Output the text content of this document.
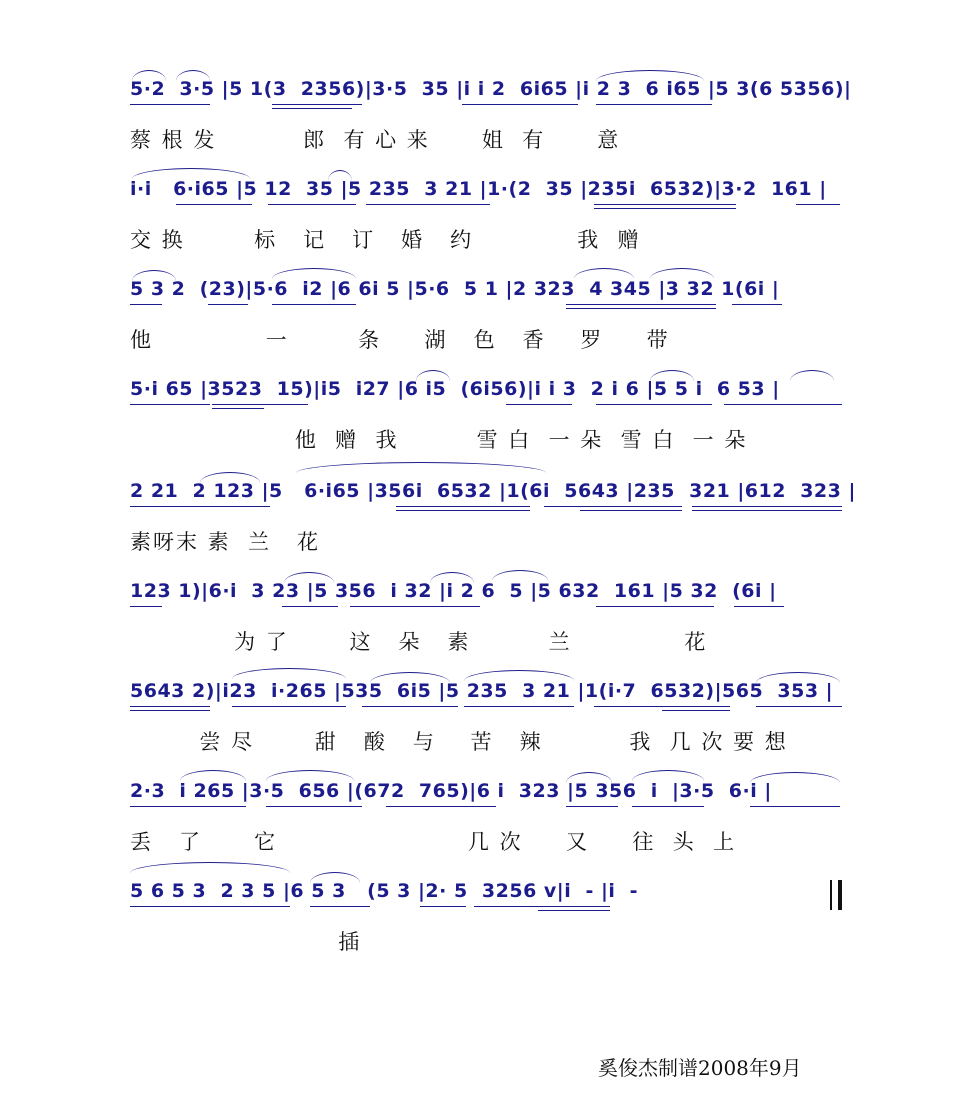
5·2  3·5 |5 1(3  2356)|3·5  35 |i i 2  6i65 |i 2 3  6 i65 |5 3(6 5356)|
蔡 根 发          郎  有 心 来      姐  有      意
i·i   6·i65 |5 12  35 |5 235  3 21 |1·(2  35 |235i  6532)|3·2  161 |
交 换        标   记   订   婚   约            我  赠
5 3 2  (23)|5·6  i2 |6 6i 5 |5·6  5 1 |2 323  4 345 |3 32 1(6i |
他             一        条     湖   色   香    罗     带
5·i 65 |3523  15)|i5  i27 |6 i5  (6i56)|i i 3  2 i 6 |5 5 i  6 53 |
他  赠  我         雪 白  一 朵  雪 白  一 朵
2 21  2 123 |5   6·i65 |356i  6532 |1(6i  5643 |235  321 |612  323 |
素呀末 素  兰   花
123 1)|6·i  3 23 |5 356  i 32 |i 2 6  5 |5 632  161 |5 32  (6i |
为 了       这   朵   素         兰             花
5643 2)|i23  i·265 |535  6i5 |5 235  3 21 |1(i·7  6532)|565  353 |
尝 尽       甜   酸   与    苦   辣          我  几 次 要 想
2·3  i 265 |3·5  656 |(672  765)|6 i  323 |5 356  i  |3·5  6·i |
丢   了      它                      几 次     又     往  头  上
5 6 5 3  2 3 5 |6 5 3   (5 3 |2· 5  3256 v|i  - |i  -
插
奚俊杰制谱2008年9月
